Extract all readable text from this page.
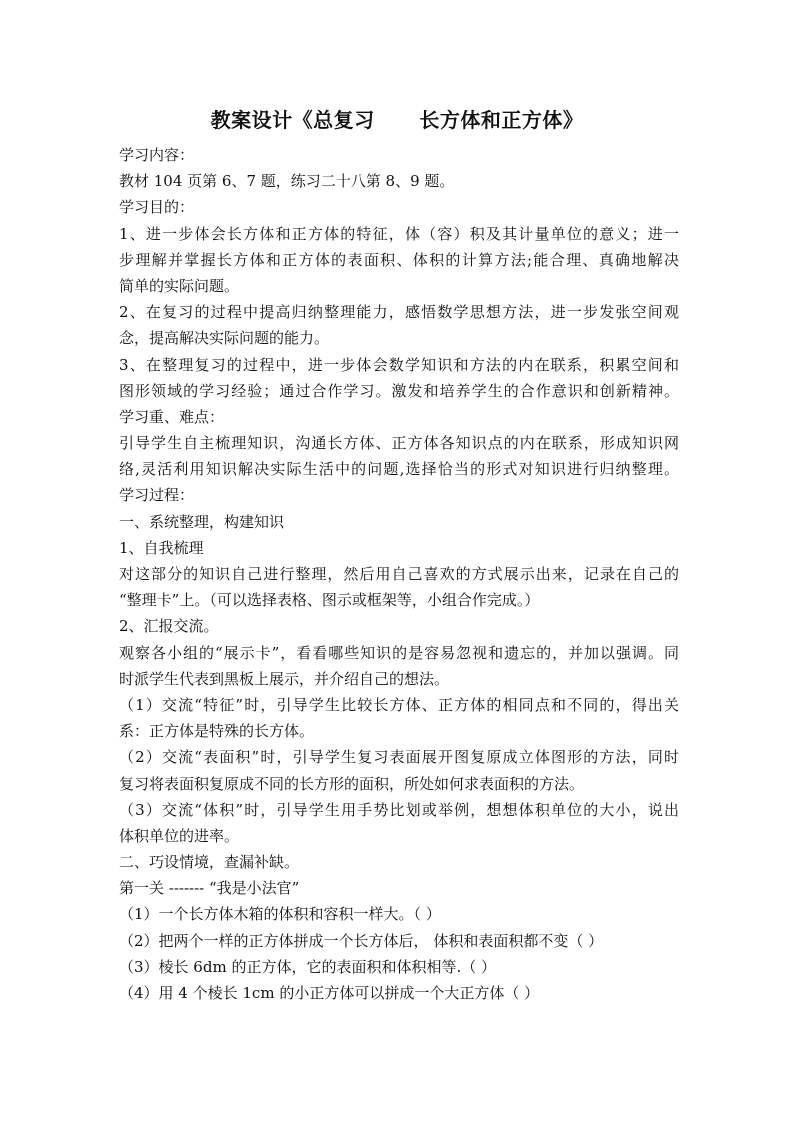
教案设计《总复习      长方体和正方体》
学习内容：
教材 104 页第 6、7 题，练习二十八第 8、9 题。
学习目的：
1、进一步体会长方体和正方体的特征，体（容）积及其计量单位的意义；进一
步理解并掌握长方体和正方体的表面积、体积的计算方法;能合理、真确地解决
简单的实际问题。
2、在复习的过程中提高归纳整理能力，感悟数学思想方法，进一步发张空间观
念，提高解决实际问题的能力。
3、在整理复习的过程中，进一步体会数学知识和方法的内在联系，积累空间和
图形领域的学习经验；通过合作学习。激发和培养学生的合作意识和创新精神。
学习重、难点：
引导学生自主梳理知识，沟通长方体、正方体各知识点的内在联系，形成知识网
络,灵活利用知识解决实际生活中的问题,选择恰当的形式对知识进行归纳整理。
学习过程：
一、系统整理，构建知识
1、自我梳理
对这部分的知识自己进行整理，然后用自己喜欢的方式展示出来，记录在自己的
“整理卡”上。（可以选择表格、图示或框架等，小组合作完成。）
2、汇报交流。
观察各小组的“展示卡”，看看哪些知识的是容易忽视和遗忘的，并加以强调。同
时派学生代表到黑板上展示，并介绍自己的想法。
（1）交流“特征”时，引导学生比较长方体、正方体的相同点和不同的，得出关
系：正方体是特殊的长方体。
（2）交流“表面积”时，引导学生复习表面展开图复原成立体图形的方法，同时
复习将表面积复原成不同的长方形的面积，所处如何求表面积的方法。
（3）交流“体积”时，引导学生用手势比划或举例，想想体积单位的大小，说出
体积单位的进率。
二、巧设情境，查漏补缺。
第一关 ------- “我是小法官”
（1）一个长方体木箱的体积和容积一样大。（ ）
（2）把两个一样的正方体拼成一个长方体后， 体积和表面积都不变（ ）
（3）棱长 6dm 的正方体，它的表面积和体积相等.（ ）
（4）用 4 个棱长 1cm 的小正方体可以拼成一个大正方体（ ）
